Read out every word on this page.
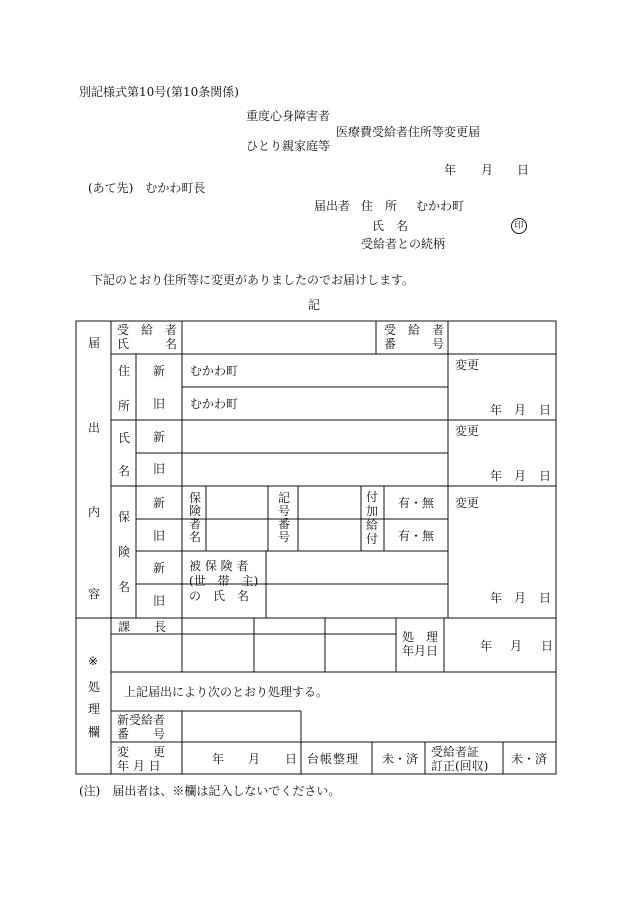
別記様式第10号(第10条関係)
重度心身障害者
医療費受給者住所等変更届
ひとり親家庭等
年 月 日
(あて先)　むかわ町長
届出者 住　所 むかわ町
氏　名	印
受給者との続柄
下記のとおり住所等に変更がありましたのでお届けします。
記
届
出
内
容
受　給　者
氏　　　名
受　給　者
番　　　号
住
所
新
旧
むかわ町
むかわ町
変更
年 月 日
氏
名
新
旧
変更
年 月 日
保
険
名
新
旧
新
旧
保険者名
記号番号
付加給付
有・無
有・無
被 保 険 者
(世　帯　主)
の　氏　名
変更
年 月 日
※
処
理
欄
課　　長
処　理
年月日	年 月 日
上記届出により次のとおり処理する。
新受給者
番　　号
変　　更
年 月 日
年 月 日 台帳整理 未・済 受給者証
訂正(回収)
未・済
(注)　届出者は、※欄は記入しないでください。
